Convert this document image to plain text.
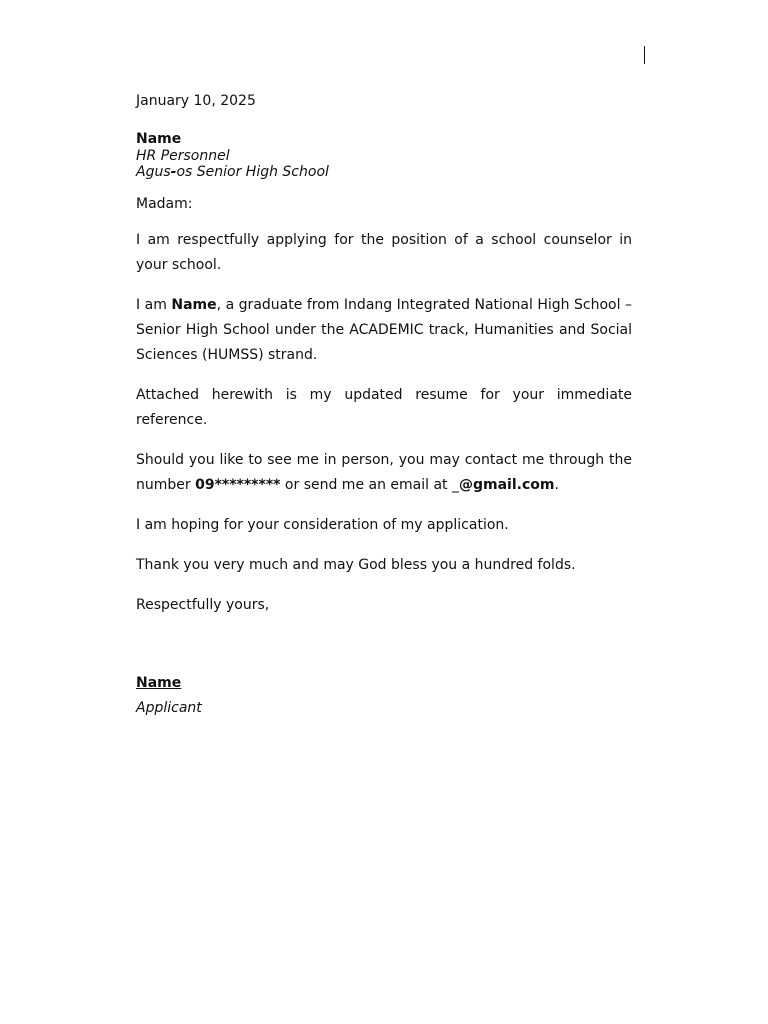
January 10, 2025
Name
HR Personnel
Agus-os Senior High School
Madam:

I am respectfully applying for the position of a school counselor in your school.

I am Name, a graduate from Indang Integrated National High School – Senior High School under the ACADEMIC track, Humanities and Social Sciences (HUMSS) strand.

Attached herewith is my updated resume for your immediate reference.

Should you like to see me in person, you may contact me through the number 09********* or send me an email at _@gmail.com.

I am hoping for your consideration of my application.

Thank you very much and may God bless you a hundred folds.

Respectfully yours,
Name
Applicant
